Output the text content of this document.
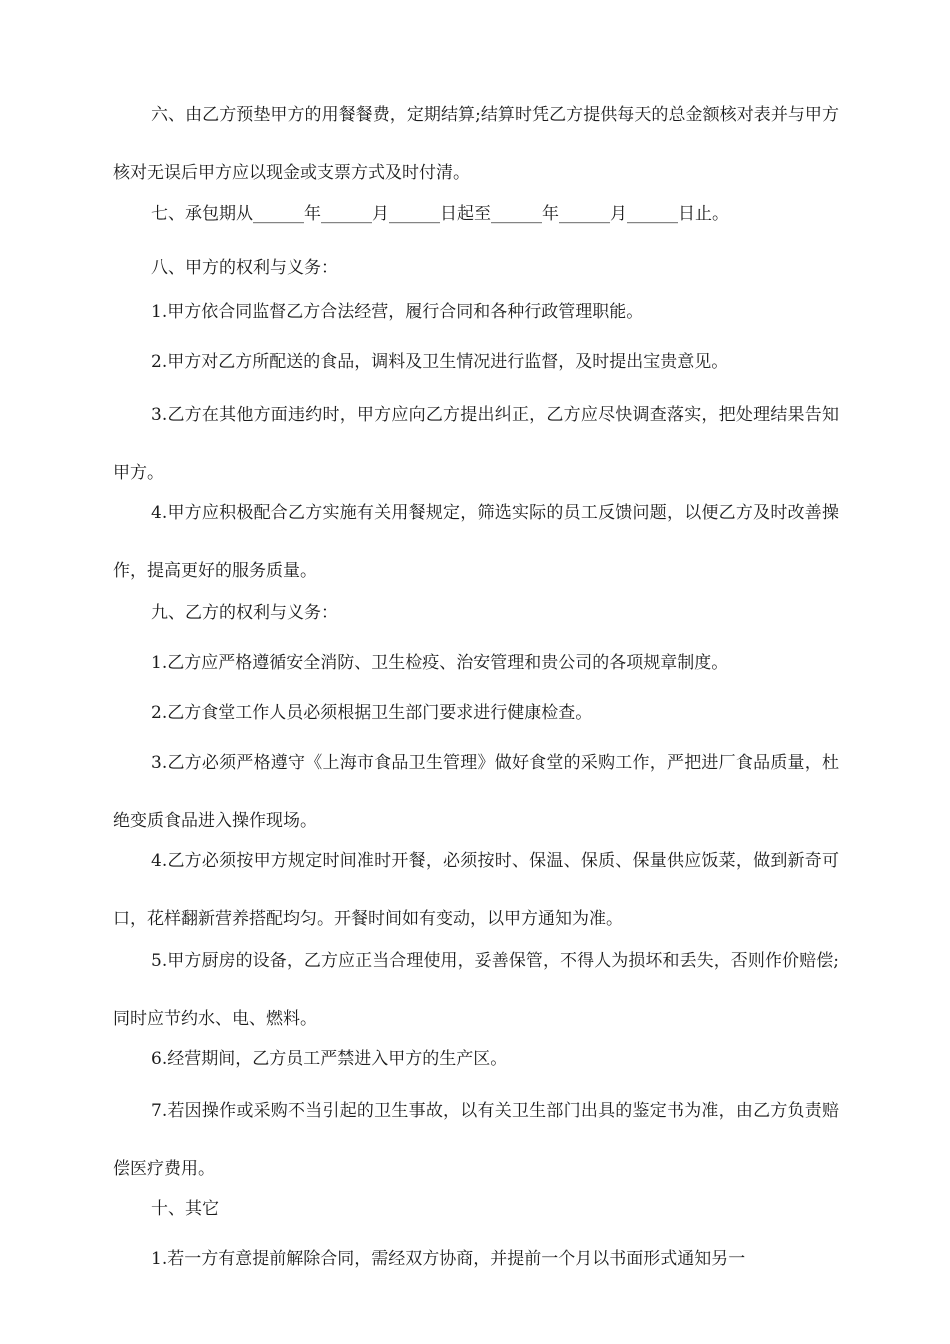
六、由乙方预垫甲方的用餐餐费，定期结算;结算时凭乙方提供每天的总金额核对表并与甲方核对无误后甲方应以现金或支票方式及时付清。

七、承包期从______年______月______日起至______年______月______日止。

八、甲方的权利与义务：

1.甲方依合同监督乙方合法经营，履行合同和各种行政管理职能。

2.甲方对乙方所配送的食品，调料及卫生情况进行监督，及时提出宝贵意见。

3.乙方在其他方面违约时，甲方应向乙方提出纠正，乙方应尽快调查落实，把处理结果告知甲方。

4.甲方应积极配合乙方实施有关用餐规定，筛选实际的员工反馈问题，以便乙方及时改善操作，提高更好的服务质量。

九、乙方的权利与义务：

1.乙方应严格遵循安全消防、卫生检疫、治安管理和贵公司的各项规章制度。

2.乙方食堂工作人员必须根据卫生部门要求进行健康检查。

3.乙方必须严格遵守《上海市食品卫生管理》做好食堂的采购工作，严把进厂食品质量，杜绝变质食品进入操作现场。

4.乙方必须按甲方规定时间准时开餐，必须按时、保温、保质、保量供应饭菜，做到新奇可口，花样翻新营养搭配均匀。开餐时间如有变动，以甲方通知为准。

5.甲方厨房的设备，乙方应正当合理使用，妥善保管，不得人为损坏和丢失，否则作价赔偿;同时应节约水、电、燃料。

6.经营期间，乙方员工严禁进入甲方的生产区。

7.若因操作或采购不当引起的卫生事故，以有关卫生部门出具的鉴定书为准，由乙方负责赔偿医疗费用。

十、其它

1.若一方有意提前解除合同，需经双方协商，并提前一个月以书面形式通知另一
